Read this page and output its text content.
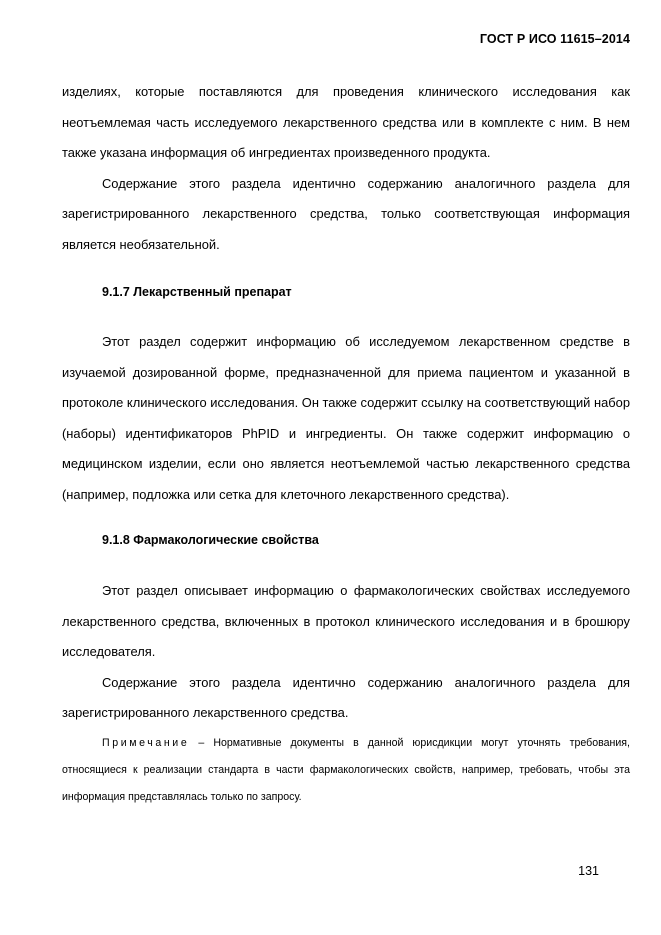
ГОСТ Р ИСО 11615–2014

изделиях, которые поставляются для проведения клинического исследования как неотъемлемая часть исследуемого лекарственного средства или в комплекте с ним. В нем также указана информация об ингредиентах произведенного продукта.

Содержание этого раздела идентично содержанию аналогичного раздела для зарегистрированного лекарственного средства, только соответствующая информация является необязательной.

9.1.7 Лекарственный препарат

Этот раздел содержит информацию об исследуемом лекарственном средстве в изучаемой дозированной форме, предназначенной для приема пациентом и указанной в протоколе клинического исследования. Он также содержит ссылку на соответствующий набор (наборы) идентификаторов PhPID и ингредиенты. Он также содержит информацию о медицинском изделии, если оно является неотъемлемой частью лекарственного средства (например, подложка или сетка для клеточного лекарственного средства).

9.1.8 Фармакологические свойства

Этот раздел описывает информацию о фармакологических свойствах исследуемого лекарственного средства, включенных в протокол клинического исследования и в брошюру исследователя.

Содержание этого раздела идентично содержанию аналогичного раздела для зарегистрированного лекарственного средства.

Примечание – Нормативные документы в данной юрисдикции могут уточнять требования, относящиеся к реализации стандарта в части фармакологических свойств, например, требовать, чтобы эта информация представлялась только по запросу.

131
